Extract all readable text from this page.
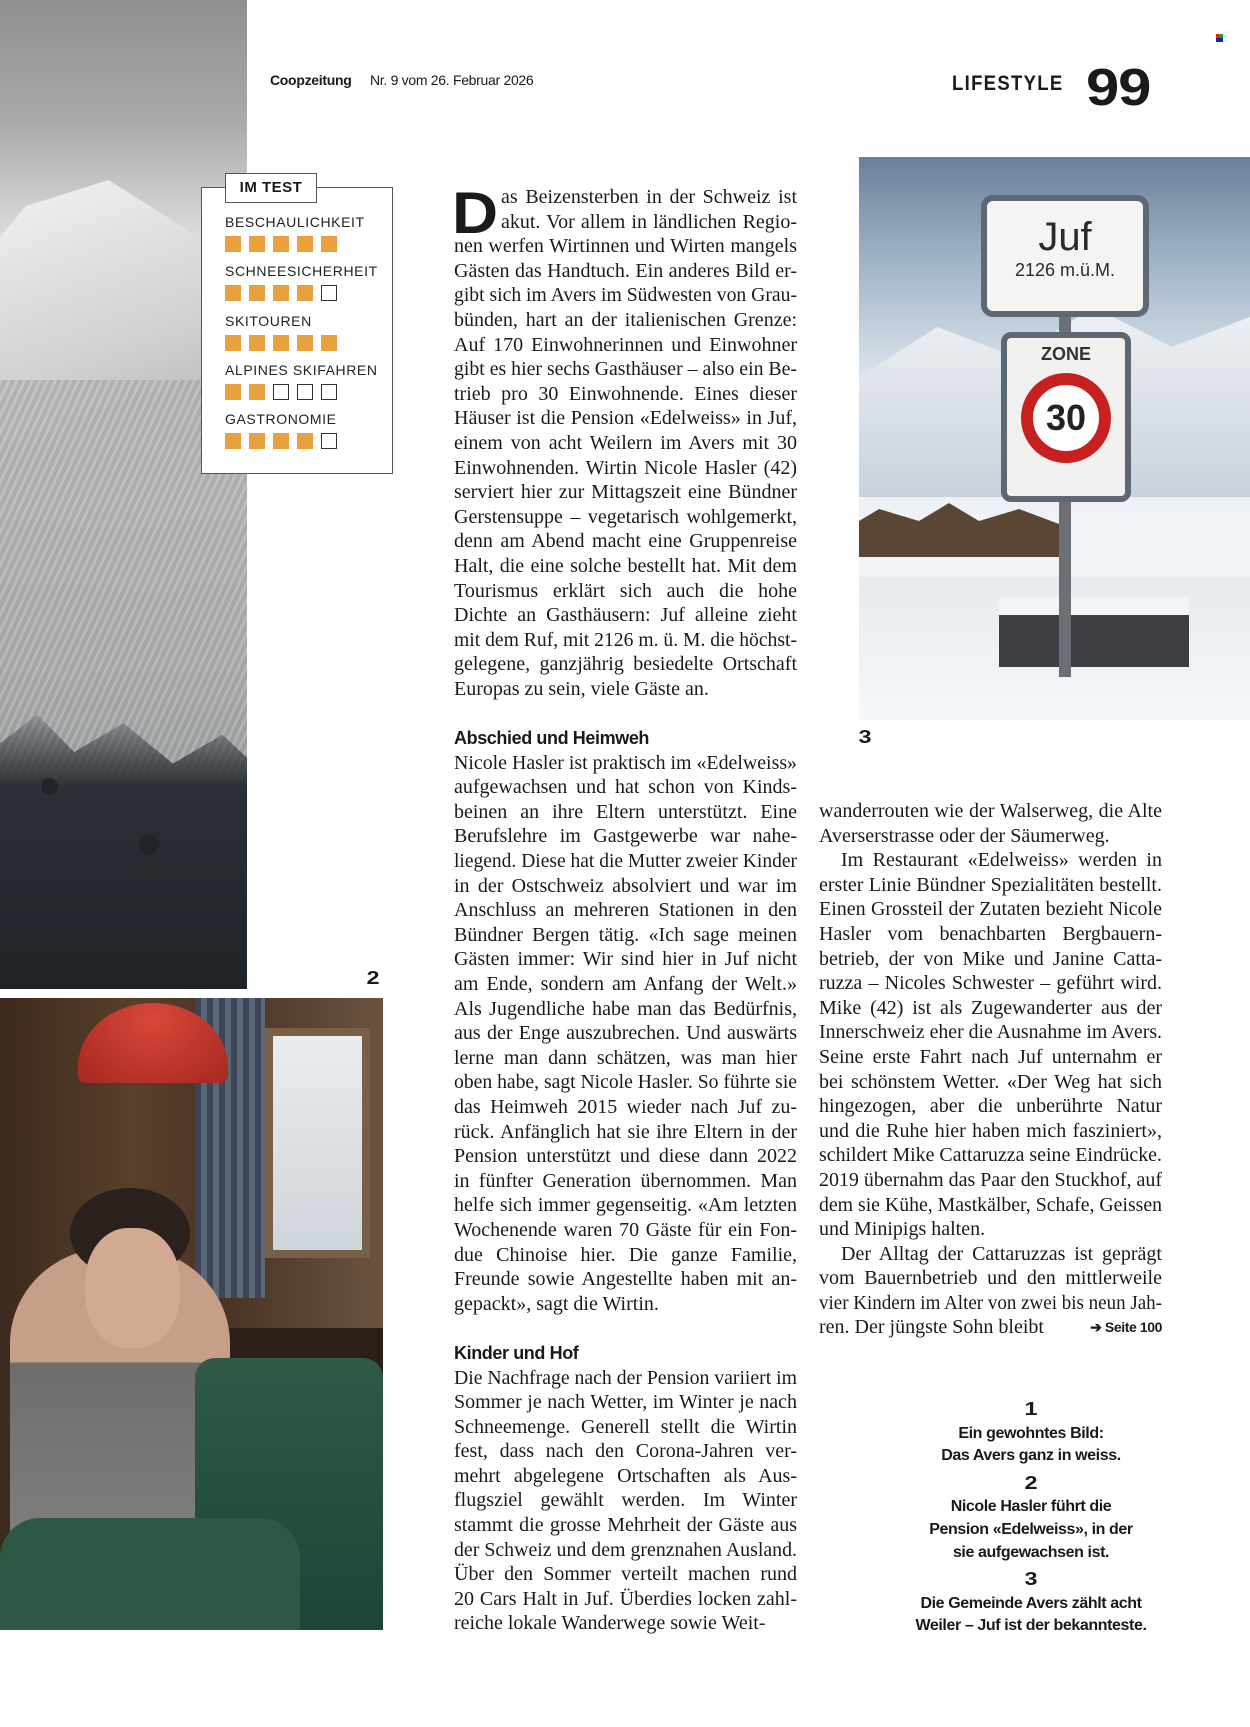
2
Juf
2126 m.ü.M.
ZONE
30
3
Coopzeitung Nr. 9 vom 26. Februar 2026	LIFESTYLE 99
BESCHAULICHKEIT
SCHNEESICHERHEIT
SKITOUREN
ALPINES SKIFAHREN
GASTRONOMIE
IM TEST	D as Beizensterben in der Schweiz ist
akut. Vor allem in ländlichen Regio-
nen werfen Wirtinnen und Wirten mangels
Gästen das Handtuch. Ein anderes Bild er-
gibt sich im Avers im Südwesten von Grau-
bünden, hart an der italienischen Grenze:
Auf 170 Einwohnerinnen und Einwohner
gibt es hier sechs Gasthäuser – also ein Be-
trieb pro 30 Einwohnende. Eines dieser
Häuser ist die Pension «Edelweiss» in Juf,
einem von acht Weilern im Avers mit 30
Einwohnenden. Wirtin Nicole Hasler (42)
serviert hier zur Mittagszeit eine Bündner
Gerstensuppe – vegetarisch wohlgemerkt,
denn am Abend macht eine Gruppenreise
Halt, die eine solche bestellt hat. Mit dem
Tourismus erklärt sich auch die hohe
Dichte an Gasthäusern: Juf alleine zieht
mit dem Ruf, mit 2126 m. ü. M. die höchst-
gelegene, ganzjährig besiedelte Ortschaft
Europas zu sein, viele Gäste an.
Abschied und Heimweh
Nicole Hasler ist praktisch im «Edelweiss»
aufgewachsen und hat schon von Kinds-
beinen an ihre Eltern unterstützt. Eine
Berufslehre im Gastgewerbe war nahe-
liegend. Diese hat die Mutter zweier Kinder
in der Ostschweiz absolviert und war im
Anschluss an mehreren Stationen in den
Bündner Bergen tätig. «Ich sage meinen
Gästen immer: Wir sind hier in Juf nicht
am Ende, sondern am Anfang der Welt.»
Als Jugendliche habe man das Bedürfnis,
aus der Enge auszubrechen. Und auswärts
lerne man dann schätzen, was man hier
oben habe, sagt Nicole Hasler. So führte sie
das Heimweh 2015 wieder nach Juf zu-
rück. Anfänglich hat sie ihre Eltern in der
Pension unterstützt und diese dann 2022
in fünfter Generation übernommen. Man
helfe sich immer gegenseitig. «Am letzten
Wochenende waren 70 Gäste für ein Fon-
due Chinoise hier. Die ganze Familie,
Freunde sowie Angestellte haben mit an-
gepackt», sagt die Wirtin.
Kinder und Hof
Die Nachfrage nach der Pension variiert im
Sommer je nach Wetter, im Winter je nach
Schneemenge. Generell stellt die Wirtin
fest, dass nach den Corona-Jahren ver-
mehrt abgelegene Ortschaften als Aus-
flugsziel gewählt werden. Im Winter
stammt die grosse Mehrheit der Gäste aus
der Schweiz und dem grenznahen Ausland.
Über den Sommer verteilt machen rund
20 Cars Halt in Juf. Überdies locken zahl-
reiche lokale Wanderwege sowie Weit-
wanderrouten wie der Walserweg, die Alte
Averserstrasse oder der Säumerweg.
Im Restaurant «Edelweiss» werden in
erster Linie Bündner Spezialitäten bestellt.
Einen Grossteil der Zutaten bezieht Nicole
Hasler vom benachbarten Bergbauern-
betrieb, der von Mike und Janine Catta-
ruzza – Nicoles Schwester – geführt wird.
Mike (42) ist als Zugewanderter aus der
Innerschweiz eher die Ausnahme im Avers.
Seine erste Fahrt nach Juf unternahm er
bei schönstem Wetter. «Der Weg hat sich
hingezogen, aber die unberührte Natur
und die Ruhe hier haben mich fasziniert»,
schildert Mike Cattaruzza seine Eindrücke.
2019 übernahm das Paar den Stuckhof, auf
dem sie Kühe, Mastkälber, Schafe, Geissen
und Minipigs halten.
Der Alltag der Cattaruzzas ist geprägt
vom Bauernbetrieb und den mittlerweile
vier Kindern im Alter von zwei bis neun Jah-
ren. Der jüngste Sohn bleibt	➔ Seite 100
1
Ein gewohntes Bild:
Das Avers ganz in weiss.
2
Nicole Hasler führt die
Pension «Edelweiss», in der
sie aufgewachsen ist.
3
Die Gemeinde Avers zählt acht
Weiler – Juf ist der bekannteste.
